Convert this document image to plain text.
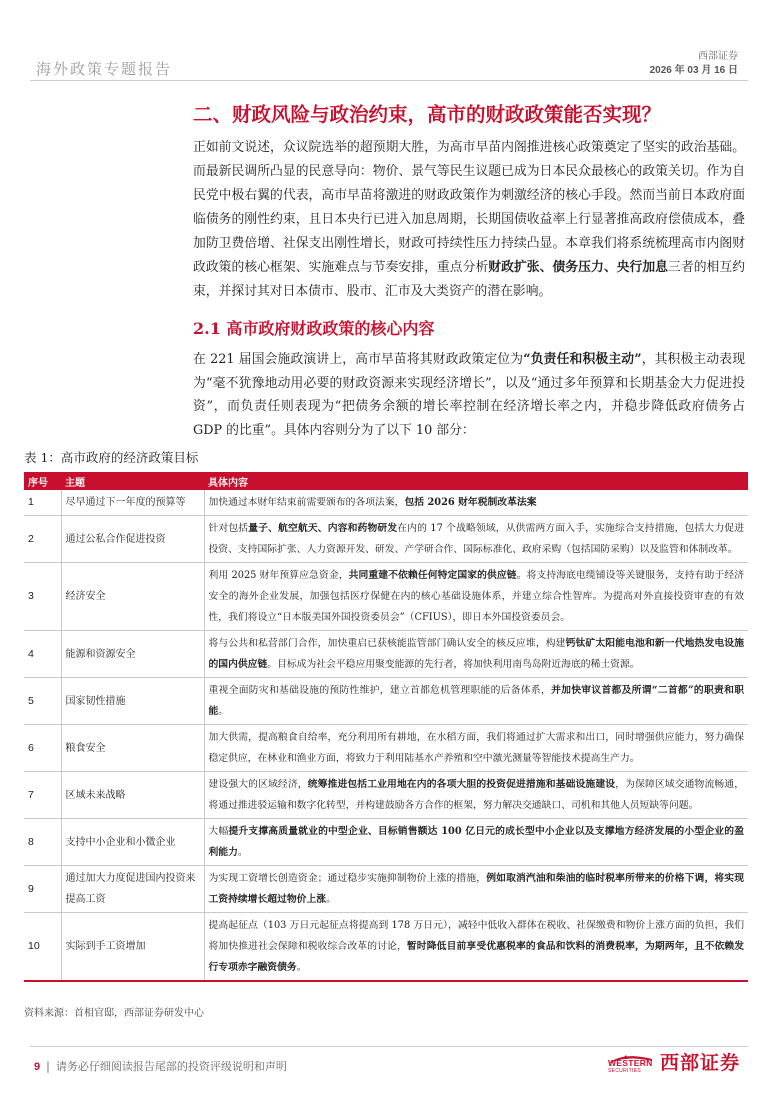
海外政策专题报告
西部证券
2026 年 03 月 16 日
二、财政风险与政治约束，高市的财政政策能否实现？
正如前文说述，众议院选举的超预期大胜，为高市早苗内阁推进核心政策奠定了坚实的政治基础。而最新民调所凸显的民意导向：物价、景气等民生议题已成为日本民众最核心的政策关切。作为自民党中极右翼的代表，高市早苗将激进的财政政策作为刺激经济的核心手段。然而当前日本政府面临债务的刚性约束，且日本央行已进入加息周期，长期国债收益率上行显著推高政府偿债成本，叠加防卫费倍增、社保支出刚性增长，财政可持续性压力持续凸显。本章我们将系统梳理高市内阁财政政策的核心框架、实施难点与节奏安排，重点分析财政扩张、债务压力、央行加息三者的相互约束，并探讨其对日本债市、股市、汇市及大类资产的潜在影响。
2.1 高市政府财政政策的核心内容
在 221 届国会施政演讲上，高市早苗将其财政政策定位为“负责任和积极主动”，其积极主动表现为“毫不犹豫地动用必要的财政资源来实现经济增长”，以及“通过多年预算和长期基金大力促进投资”，而负责任则表现为“把债务余额的增长率控制在经济增长率之内，并稳步降低政府债务占 GDP 的比重”。具体内容则分为了以下 10 部分：
表 1：高市政府的经济政策目标
序号	主题	具体内容
1	尽早通过下一年度的预算等	加快通过本财年结束前需要颁布的各项法案，包括 2026 财年税制改革法案
2	通过公私合作促进投资	针对包括量子、航空航天、内容和药物研发在内的 17 个战略领域，从供需两方面入手，实施综合支持措施，包括大力促进投资、支持国际扩张、人力资源开发、研发、产学研合作、国际标准化、政府采购（包括国防采购）以及监管和体制改革。
3	经济安全	利用 2025 财年预算应急资金，共同重建不依赖任何特定国家的供应链。将支持海底电缆铺设等关键服务，支持有助于经济安全的海外企业发展，加强包括医疗保健在内的核心基础设施体系，并建立综合性智库。为提高对外直接投资审查的有效性，我们将设立“日本版美国外国投资委员会”（CFIUS），即日本外国投资委员会。
4	能源和资源安全	将与公共和私营部门合作，加快重启已获核能监管部门确认安全的核反应堆，构建钙钛矿太阳能电池和新一代地热发电设施的国内供应链。目标成为社会平稳应用聚变能源的先行者，将加快利用南鸟岛附近海底的稀土资源。
5	国家韧性措施	重视全面防灾和基础设施的预防性维护，建立首都危机管理职能的后备体系，并加快审议首都及所谓“二首都”的职责和职能。
6	粮食安全	加大供需，提高粮食自给率，充分利用所有耕地，在水稻方面，我们将通过扩大需求和出口，同时增强供应能力，努力确保稳定供应，在林业和渔业方面，将致力于利用陆基水产养殖和空中激光测量等智能技术提高生产力。
7	区域未来战略	建设强大的区域经济，统筹推进包括工业用地在内的各项大胆的投资促进措施和基础设施建设，为保障区域交通物流畅通，将通过推进驳运输和数字化转型，并构建鼓励各方合作的框架，努力解决交通缺口、司机和其他人员短缺等问题。
8	支持中小企业和小微企业	大幅提升支撑高质量就业的中型企业、目标销售额达 100 亿日元的成长型中小企业以及支撑地方经济发展的小型企业的盈利能力。
9	通过加大力度促进国内投资来提高工资	为实现工资增长创造资金；通过稳步实施抑制物价上涨的措施，例如取消汽油和柴油的临时税率所带来的价格下调，将实现工资持续增长超过物价上涨。
10	实际到手工资增加	提高起征点（103 万日元起征点将提高到 178 万日元），减轻中低收入群体在税收、社保缴费和物价上涨方面的负担，我们将加快推进社会保障和税收综合改革的讨论，暂时降低目前享受优惠税率的食品和饮料的消费税率，为期两年，且不依赖发行专项赤字融资债务。
资料来源：首相官邸，西部证券研发中心
9 | 请务必仔细阅读报告尾部的投资评级说明和声明	WESTERN
SECURITIES 西部证券
